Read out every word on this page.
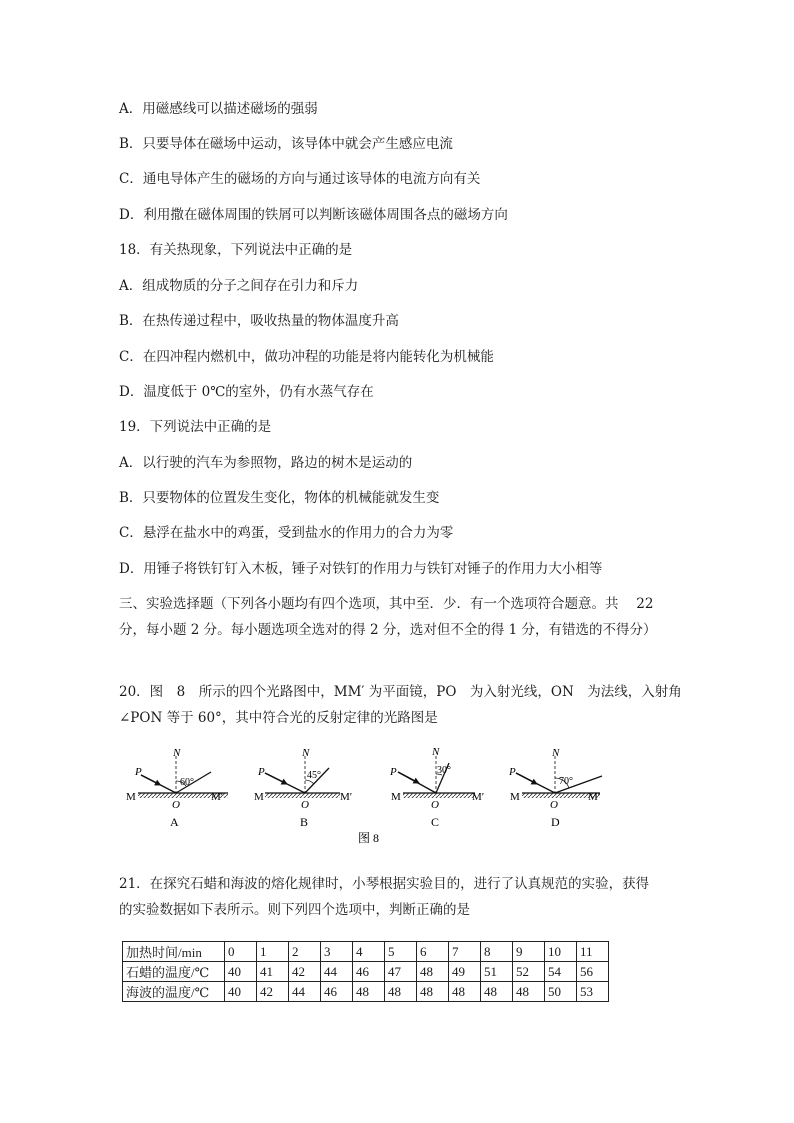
A．用磁感线可以描述磁场的强弱
B．只要导体在磁场中运动，该导体中就会产生感应电流
C．通电导体产生的磁场的方向与通过该导体的电流方向有关
D．利用撒在磁体周围的铁屑可以判断该磁体周围各点的磁场方向
18．有关热现象，下列说法中正确的是
A．组成物质的分子之间存在引力和斥力
B．在热传递过程中，吸收热量的物体温度升高
C．在四冲程内燃机中，做功冲程的功能是将内能转化为机械能
D．温度低于 0℃的室外，仍有水蒸气存在
19．下列说法中正确的是
A．以行驶的汽车为参照物，路边的树木是运动的
B．只要物体的位置发生变化，物体的机械能就发生变
C．悬浮在盐水中的鸡蛋，受到盐水的作用力的合力为零
D．用锤子将铁钉钉入木板，锤子对铁钉的作用力与铁钉对锤子的作用力大小相等
三、实验选择题（下列各小题均有四个选项，其中至．少．有一个选项符合题意。共　 22
分，每小题 2 分。每小题选项全选对的得 2 分，选对但不全的得 1 分，有错选的不得分）
20．图　8　所示的四个光路图中，MM′ 为平面镜，PO　为入射光线，ON　为法线，入射角
∠PON 等于 60°，其中符合光的反射定律的光路图是
P
N
60°
M	M′
O
A
P
N
45°
M	M′
O
B
P
N
30°
M	M′
O
C
P
N
70°
M	M′
O
D
图 8
21．在探究石蜡和海波的熔化规律时，小琴根据实验目的，进行了认真规范的实验，获得
的实验数据如下表所示。则下列四个选项中，判断正确的是
加热时间/min	0	1	2	3	4	5	6	7	8	9	10	11
石蜡的温度/℃	40	41	42	44	46	47	48	49	51	52	54	56
海波的温度/℃	40	42	44	46	48	48	48	48	48	48	50	53
